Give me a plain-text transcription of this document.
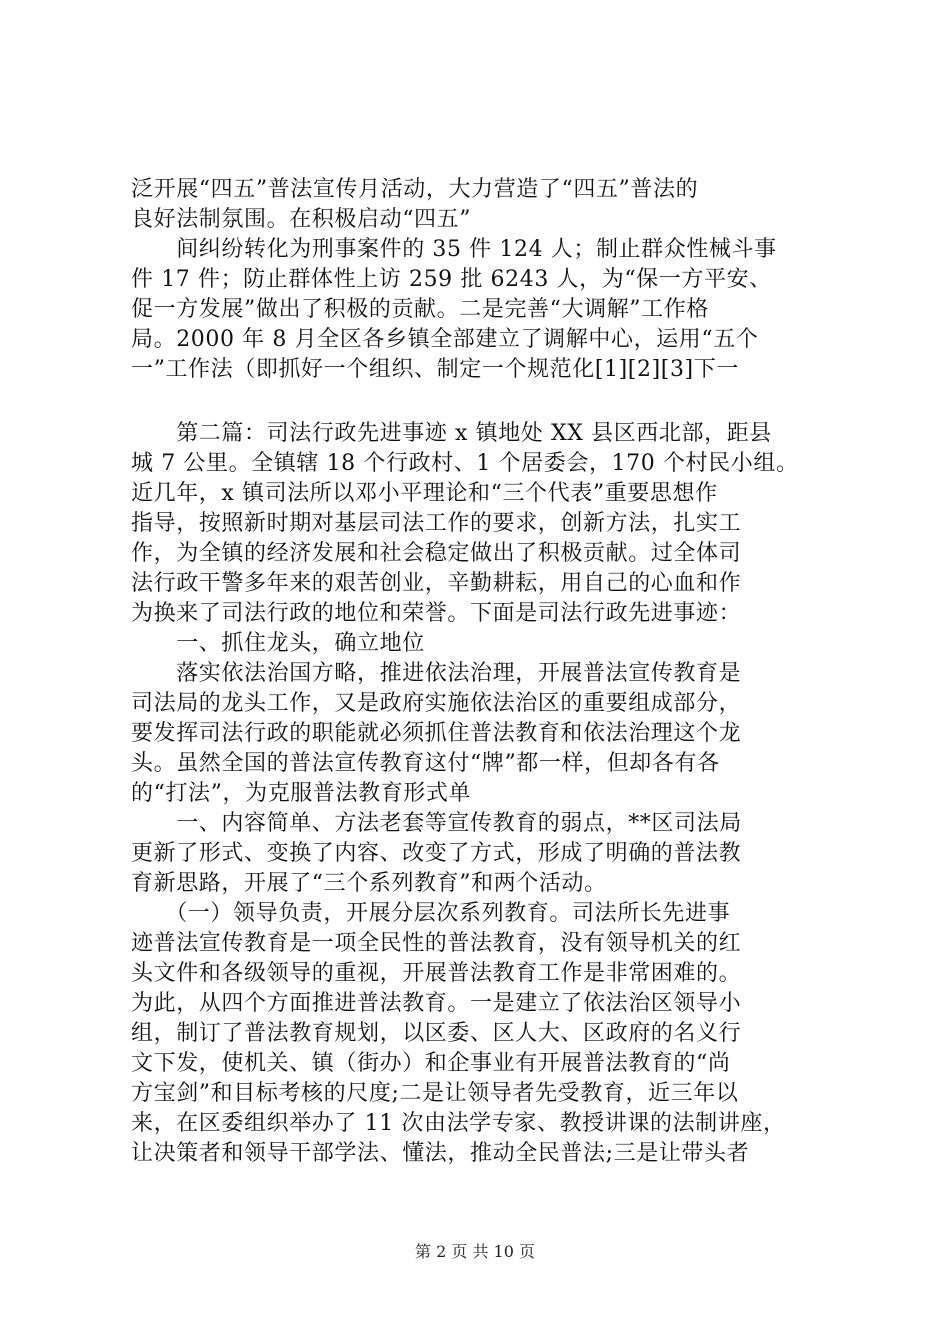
泛开展“四五”普法宣传月活动，大力营造了“四五”普法的
良好法制氛围。在积极启动“四五”
　　间纠纷转化为刑事案件的 35 件 124 人；制止群众性械斗事
件 17 件；防止群体性上访 259 批 6243 人，为“保一方平安、
促一方发展”做出了积极的贡献。二是完善“大调解”工作格
局。2000 年 8 月全区各乡镇全部建立了调解中心，运用“五个
一”工作法（即抓好一个组织、制定一个规范化[1][2][3]下一
　　第二篇：司法行政先进事迹 x 镇地处 XX 县区西北部，距县
城 7 公里。全镇辖 18 个行政村、1 个居委会，170 个村民小组。
近几年，x 镇司法所以邓小平理论和“三个代表”重要思想作
指导，按照新时期对基层司法工作的要求，创新方法，扎实工
作，为全镇的经济发展和社会稳定做出了积极贡献。过全体司
法行政干警多年来的艰苦创业，辛勤耕耘，用自己的心血和作
为换来了司法行政的地位和荣誉。下面是司法行政先进事迹：
　　一、抓住龙头，确立地位
　　落实依法治国方略，推进依法治理，开展普法宣传教育是
司法局的龙头工作，又是政府实施依法治区的重要组成部分，
要发挥司法行政的职能就必须抓住普法教育和依法治理这个龙
头。虽然全国的普法宣传教育这付“牌”都一样，但却各有各
的“打法”，为克服普法教育形式单
　　一、内容简单、方法老套等宣传教育的弱点，**区司法局
更新了形式、变换了内容、改变了方式，形成了明确的普法教
育新思路，开展了“三个系列教育”和两个活动。
　　（一）领导负责，开展分层次系列教育。司法所长先进事
迹普法宣传教育是一项全民性的普法教育，没有领导机关的红
头文件和各级领导的重视，开展普法教育工作是非常困难的。
为此，从四个方面推进普法教育。一是建立了依法治区领导小
组，制订了普法教育规划，以区委、区人大、区政府的名义行
文下发，使机关、镇（街办）和企事业有开展普法教育的“尚
方宝剑”和目标考核的尺度;二是让领导者先受教育，近三年以
来，在区委组织举办了 11 次由法学专家、教授讲课的法制讲座，
让决策者和领导干部学法、懂法，推动全民普法;三是让带头者
第 2 页 共 10 页
